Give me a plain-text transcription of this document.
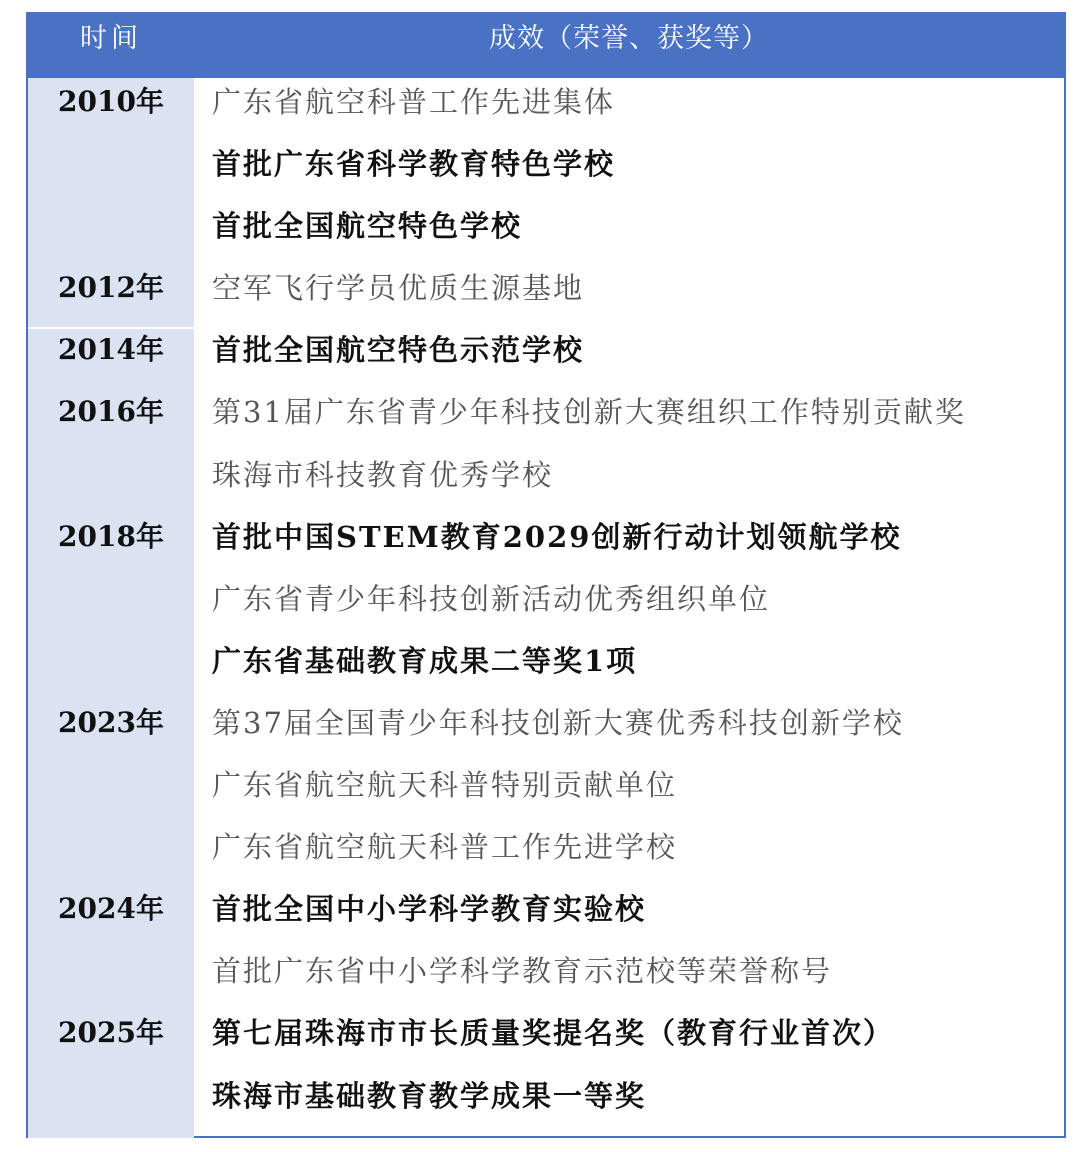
时间	成效（荣誉、获奖等）
2010年	广东省航空科普工作先进集体
首批广东省科学教育特色学校
首批全国航空特色学校
2012年	空军飞行学员优质生源基地
2014年	首批全国航空特色示范学校
2016年	第31届广东省青少年科技创新大赛组织工作特别贡献奖
珠海市科技教育优秀学校
2018年	首批中国STEM教育2029创新行动计划领航学校
广东省青少年科技创新活动优秀组织单位
广东省基础教育成果二等奖1项
2023年	第37届全国青少年科技创新大赛优秀科技创新学校
广东省航空航天科普特别贡献单位
广东省航空航天科普工作先进学校
2024年	首批全国中小学科学教育实验校
首批广东省中小学科学教育示范校等荣誉称号
2025年	第七届珠海市市长质量奖提名奖（教育行业首次）
珠海市基础教育教学成果一等奖
